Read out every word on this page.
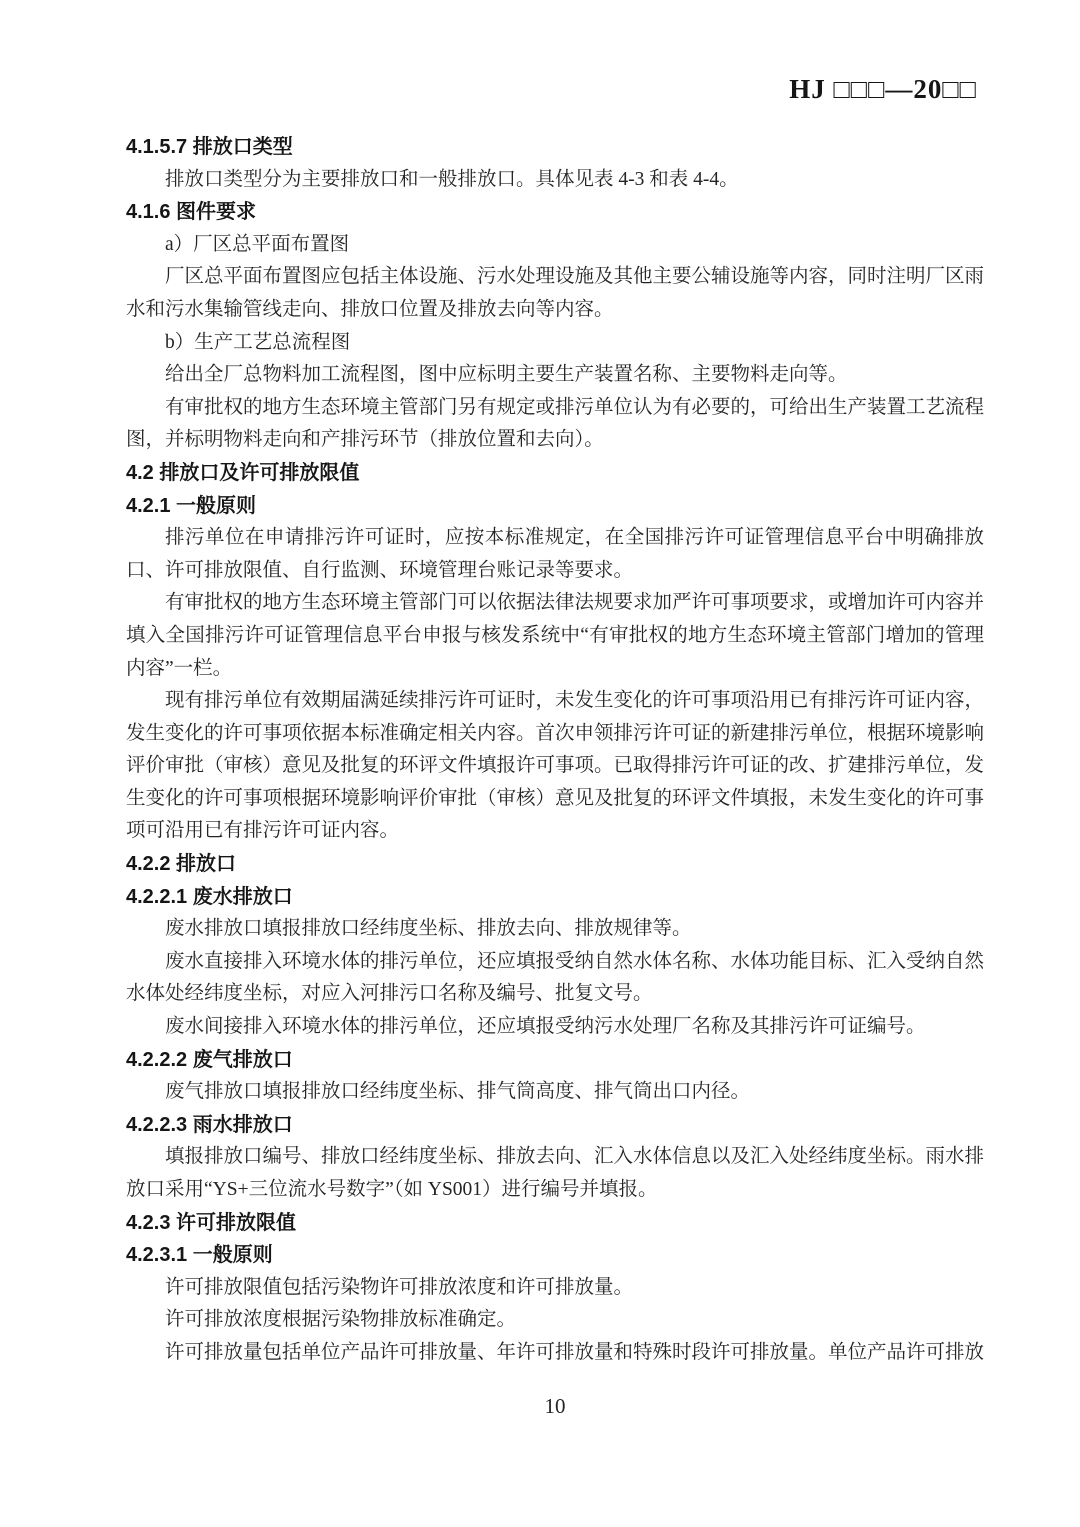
HJ □□□—20□□

4.1.5.7 排放口类型

排放口类型分为主要排放口和一般排放口。具体见表 4-3 和表 4-4。

4.1.6 图件要求

a）厂区总平面布置图

厂区总平面布置图应包括主体设施、污水处理设施及其他主要公辅设施等内容，同时注明厂区雨水和污水集输管线走向、排放口位置及排放去向等内容。

b）生产工艺总流程图

给出全厂总物料加工流程图，图中应标明主要生产装置名称、主要物料走向等。

有审批权的地方生态环境主管部门另有规定或排污单位认为有必要的，可给出生产装置工艺流程图，并标明物料走向和产排污环节（排放位置和去向）。

4.2 排放口及许可排放限值

4.2.1 一般原则

排污单位在申请排污许可证时，应按本标准规定，在全国排污许可证管理信息平台中明确排放口、许可排放限值、自行监测、环境管理台账记录等要求。

有审批权的地方生态环境主管部门可以依据法律法规要求加严许可事项要求，或增加许可内容并填入全国排污许可证管理信息平台申报与核发系统中“有审批权的地方生态环境主管部门增加的管理内容”一栏。

现有排污单位有效期届满延续排污许可证时，未发生变化的许可事项沿用已有排污许可证内容，发生变化的许可事项依据本标准确定相关内容。首次申领排污许可证的新建排污单位，根据环境影响评价审批（审核）意见及批复的环评文件填报许可事项。已取得排污许可证的改、扩建排污单位，发生变化的许可事项根据环境影响评价审批（审核）意见及批复的环评文件填报，未发生变化的许可事项可沿用已有排污许可证内容。

4.2.2 排放口

4.2.2.1 废水排放口

废水排放口填报排放口经纬度坐标、排放去向、排放规律等。

废水直接排入环境水体的排污单位，还应填报受纳自然水体名称、水体功能目标、汇入受纳自然水体处经纬度坐标，对应入河排污口名称及编号、批复文号。

废水间接排入环境水体的排污单位，还应填报受纳污水处理厂名称及其排污许可证编号。

4.2.2.2 废气排放口

废气排放口填报排放口经纬度坐标、排气筒高度、排气筒出口内径。

4.2.2.3 雨水排放口

填报排放口编号、排放口经纬度坐标、排放去向、汇入水体信息以及汇入处经纬度坐标。雨水排放口采用“YS+三位流水号数字”（如 YS001）进行编号并填报。

4.2.3 许可排放限值

4.2.3.1 一般原则

许可排放限值包括污染物许可排放浓度和许可排放量。

许可排放浓度根据污染物排放标准确定。

许可排放量包括单位产品许可排放量、年许可排放量和特殊时段许可排放量。单位产品许可排放

10
